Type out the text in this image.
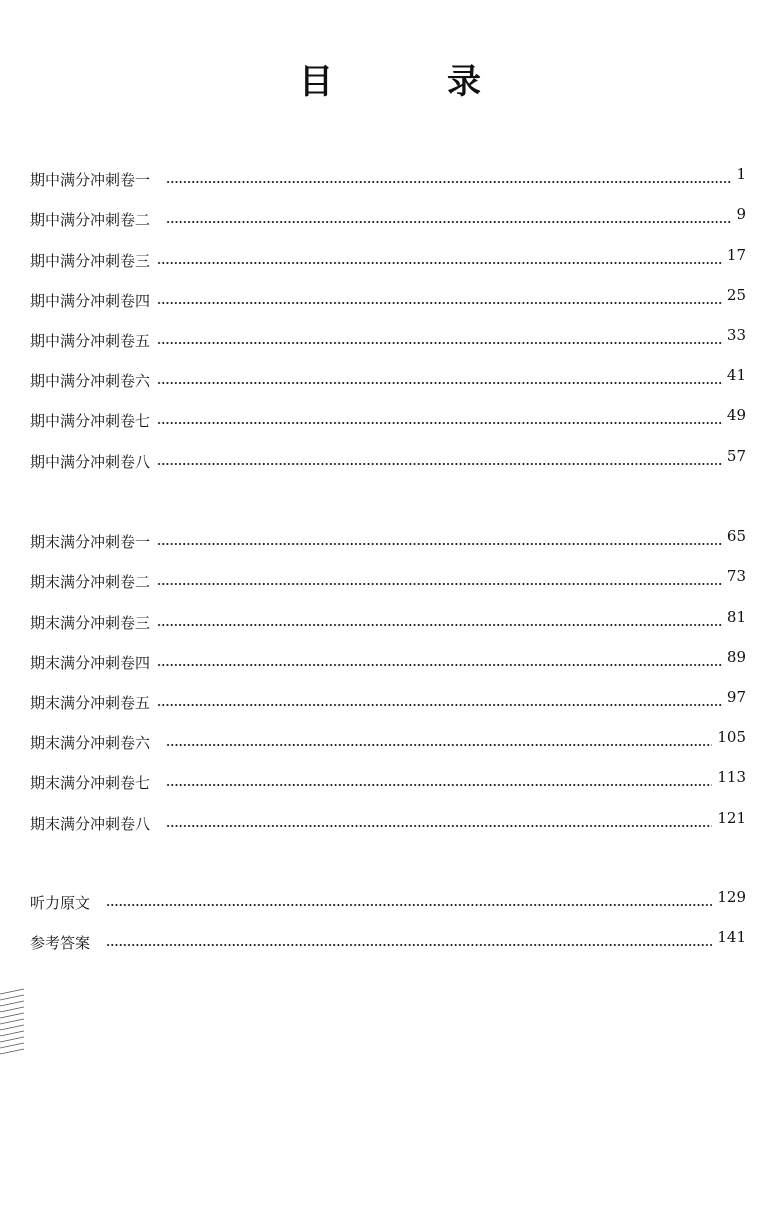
目　录
期中满分冲刺卷一	1
期中满分冲刺卷二	9
期中满分冲刺卷三	17
期中满分冲刺卷四	25
期中满分冲刺卷五	33
期中满分冲刺卷六	41
期中满分冲刺卷七	49
期中满分冲刺卷八	57
期末满分冲刺卷一	65
期末满分冲刺卷二	73
期末满分冲刺卷三	81
期末满分冲刺卷四	89
期末满分冲刺卷五	97
期末满分冲刺卷六	105
期末满分冲刺卷七	113
期末满分冲刺卷八	121
听力原文	129
参考答案	141
